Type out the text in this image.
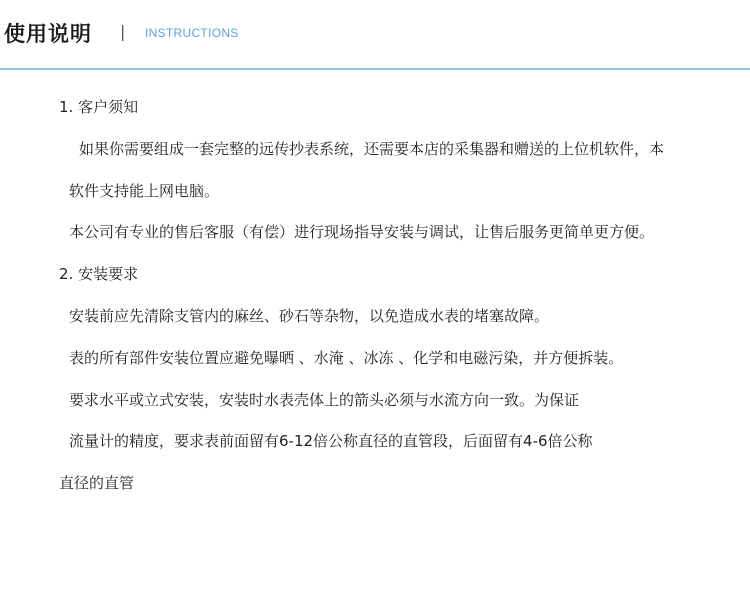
使用说明 | INSTRUCTIONS
1. 客户须知
如果你需要组成一套完整的远传抄表系统，还需要本店的采集器和赠送的上位机软件，本
软件支持能上网电脑。
本公司有专业的售后客服（有偿）进行现场指导安装与调试，让售后服务更简单更方便。
2. 安装要求
安装前应先清除支管内的麻丝、砂石等杂物，以免造成水表的堵塞故障。
表的所有部件安装位置应避免曝晒 、水淹 、冰冻 、化学和电磁污染，并方便拆装。
要求水平或立式安装，安装时水表壳体上的箭头必须与水流方向一致。为保证
流量计的精度，要求表前面留有6-12倍公称直径的直管段，后面留有4-6倍公称
直径的直管
